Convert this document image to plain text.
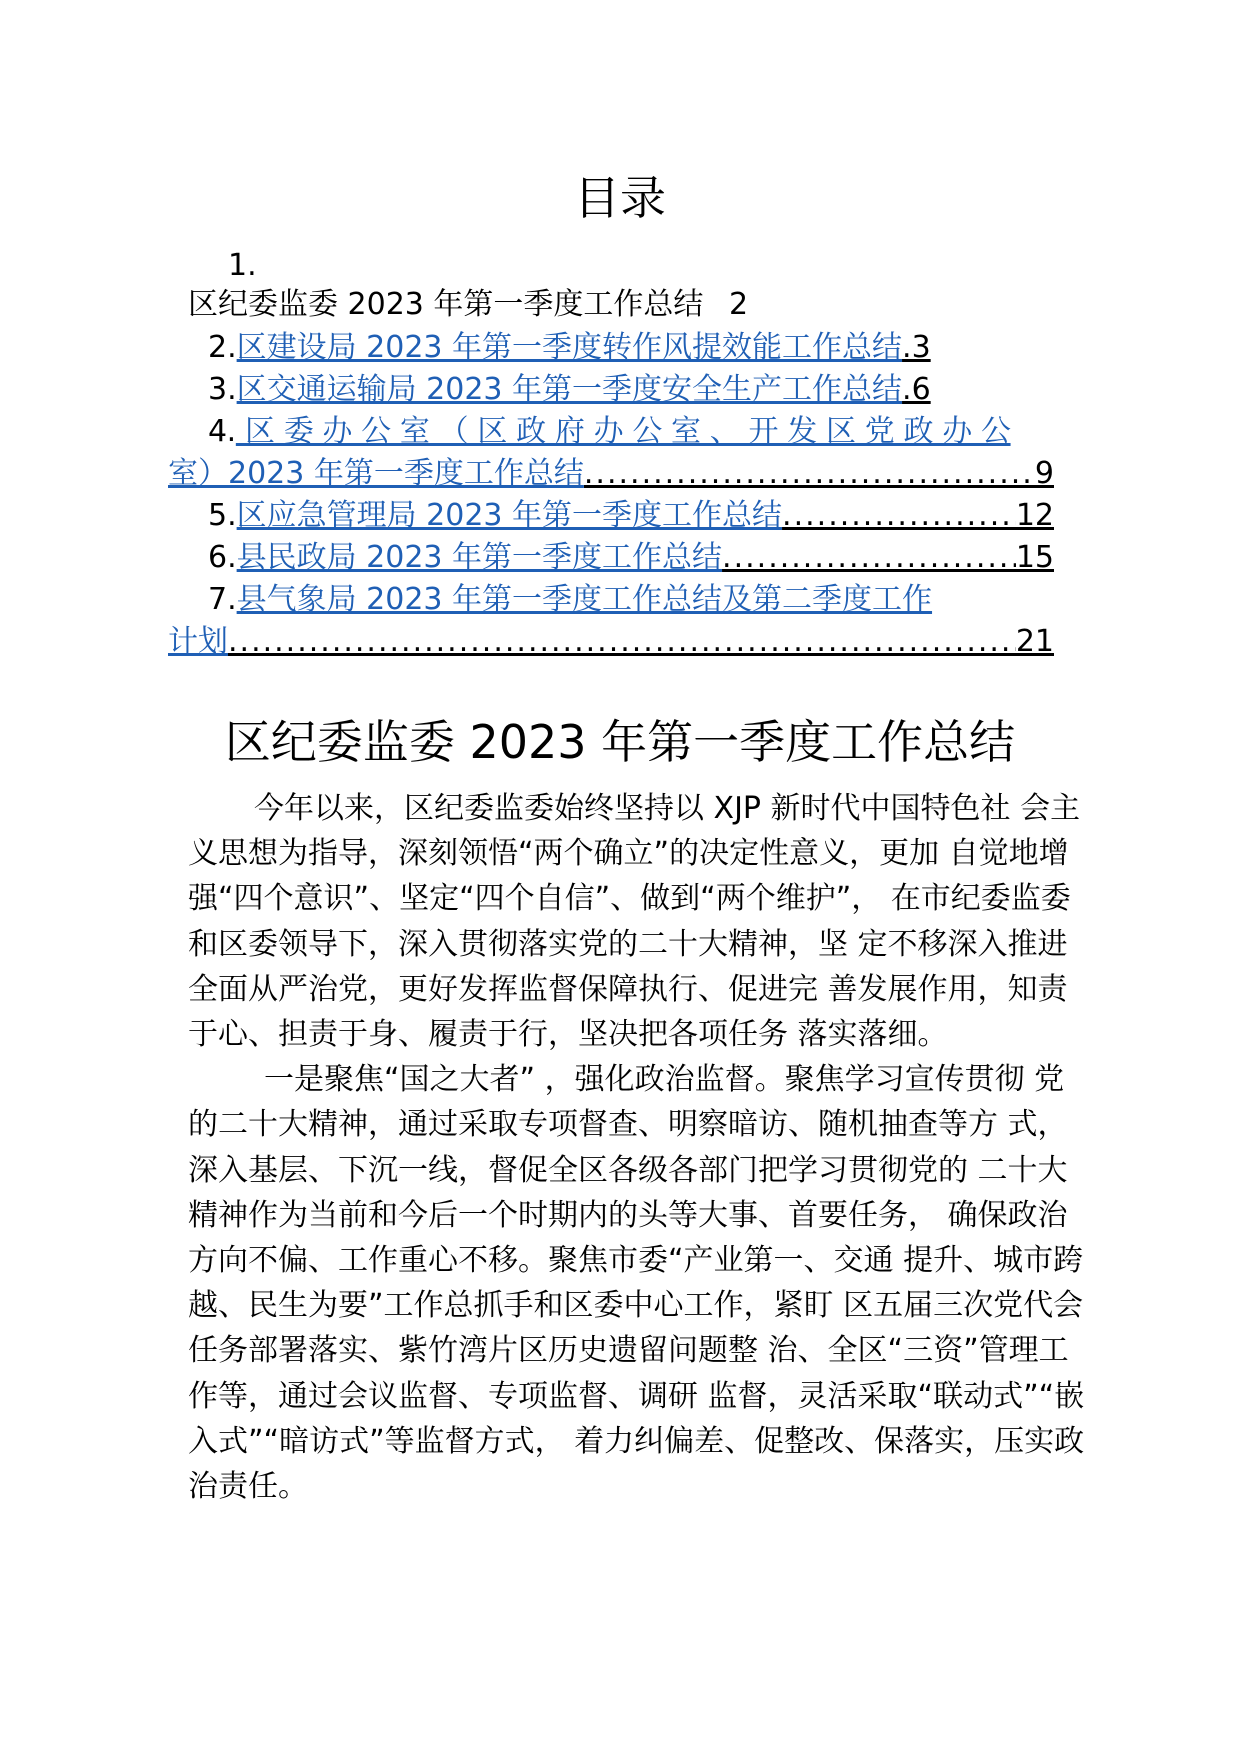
目录
1.
区纪委监委 2023 年第一季度工作总结 2
2. 区建设局 2023 年第一季度转作风提效能工作总结 .3
3. 区交通运输局 2023 年第一季度安全生产工作总结 .6
4. 区 委 办 公 室 （ 区 政 府 办 公 室 、 开 发 区 党 政 办 公
室）2023 年第一季度工作总结 .....	9
5. 区应急管理局 2023 年第一季度工作总结 .....	12
6. 县民政局 2023 年第一季度工作总结 .....	15
7.县气象局 2023 年第一季度工作总结及第二季度工作
计划 .....	21
区纪委监委 2023 年第一季度工作总结

今年以来，区纪委监委始终坚持以 XJP 新时代中国特色社 会主义思想为指导，深刻领悟“两个确立”的决定性意义，更加 自觉地增强“四个意识”、坚定“四个自信”、做到“两个维护”， 在市纪委监委和区委领导下，深入贯彻落实党的二十大精神，坚 定不移深入推进全面从严治党，更好发挥监督保障执行、促进完 善发展作用，知责于心、担责于身、履责于行，坚决把各项任务 落实落细。

一是聚焦“国之大者” ，强化政治监督。聚焦学习宣传贯彻 党的二十大精神，通过采取专项督查、明察暗访、随机抽查等方 式，深入基层、下沉一线，督促全区各级各部门把学习贯彻党的 二十大精神作为当前和今后一个时期内的头等大事、首要任务， 确保政治方向不偏、工作重心不移。聚焦市委“产业第一、交通 提升、城市跨越、民生为要”工作总抓手和区委中心工作，紧盯 区五届三次党代会任务部署落实、紫竹湾片区历史遗留问题整 治、全区“三资”管理工作等，通过会议监督、专项监督、调研 监督，灵活采取“联动式”“嵌入式”“暗访式”等监督方式， 着力纠偏差、促整改、保落实，压实政治责任。
